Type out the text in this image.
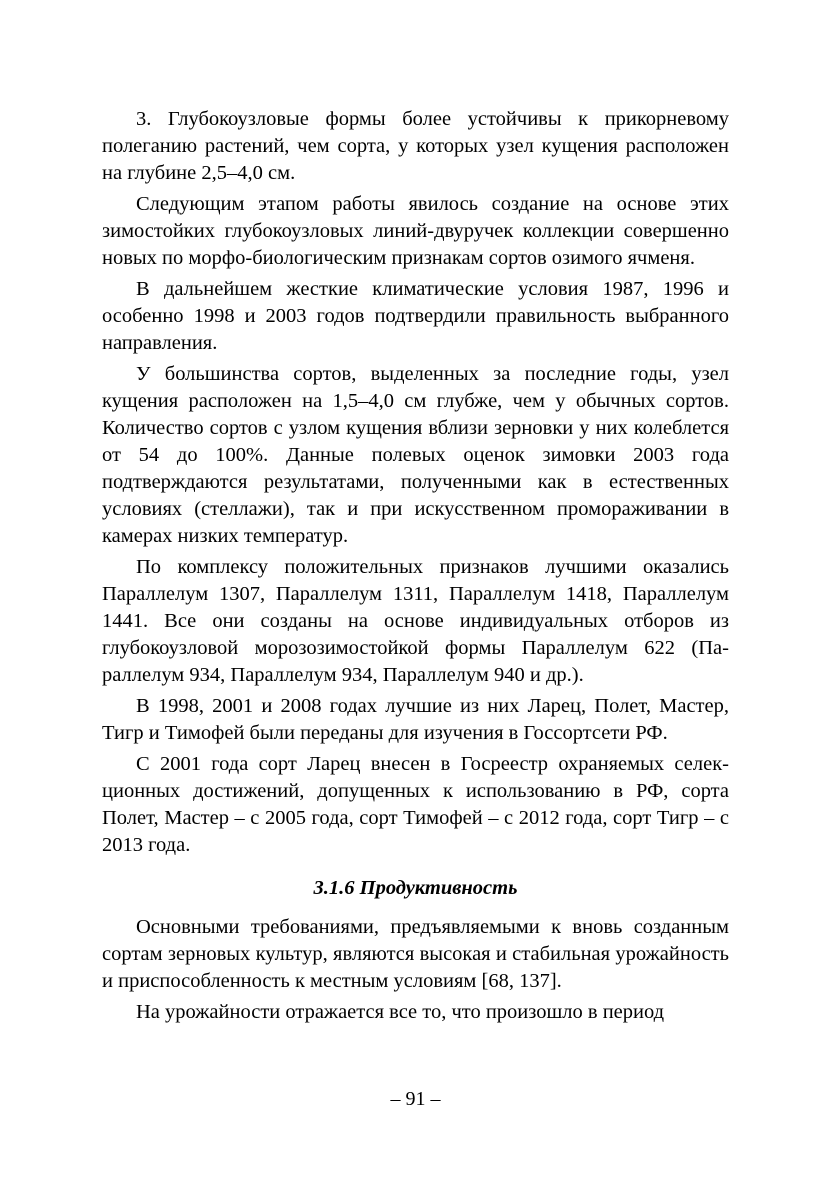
3. Глубокоузловые формы более устойчивы к прикорневому полеганию растений, чем сорта, у которых узел кущения расположен на глубине 2,5–4,0 см.

Следующим этапом работы явилось создание на основе этих зимостойких глубокоузловых линий-двуручек коллекции совершенно новых по морфо-биологическим признакам сортов озимого ячменя.

В дальнейшем жесткие климатические условия 1987, 1996 и особенно 1998 и 2003 годов подтвердили правильность выбранного направления.

У большинства сортов, выделенных за последние годы, узел кущения расположен на 1,5–4,0 см глубже, чем у обычных сортов. Количество сортов с узлом кущения вблизи зерновки у них колеблется от 54 до 100%. Данные полевых оценок зимовки 2003 года подтверждаются результатами, полученными как в естественных условиях (стеллажи), так и при искусственном промораживании в камерах низких температур.

По комплексу положительных признаков лучшими оказались Параллелум 1307, Параллелум 1311, Параллелум 1418, Параллелум 1441. Все они созданы на основе индивидуальных отборов из глубокоузловой морозозимостойкой формы Параллелум 622 (Параллелум 934, Параллелум 934, Параллелум 940 и др.).

В 1998, 2001 и 2008 годах лучшие из них Ларец, Полет, Мастер, Тигр и Тимофей были переданы для изучения в Госсортсети РФ.

С 2001 года сорт Ларец внесен в Госреестр охраняемых селекционных достижений, допущенных к использованию в РФ, сорта Полет, Мастер – с 2005 года, сорт Тимофей – с 2012 года, сорт Тигр – с 2013 года.

3.1.6 Продуктивность

Основными требованиями, предъявляемыми к вновь созданным сортам зерновых культур, являются высокая и стабильная урожайность и приспособленность к местным условиям [68, 137].

На урожайности отражается все то, что произошло в период

– 91 –
